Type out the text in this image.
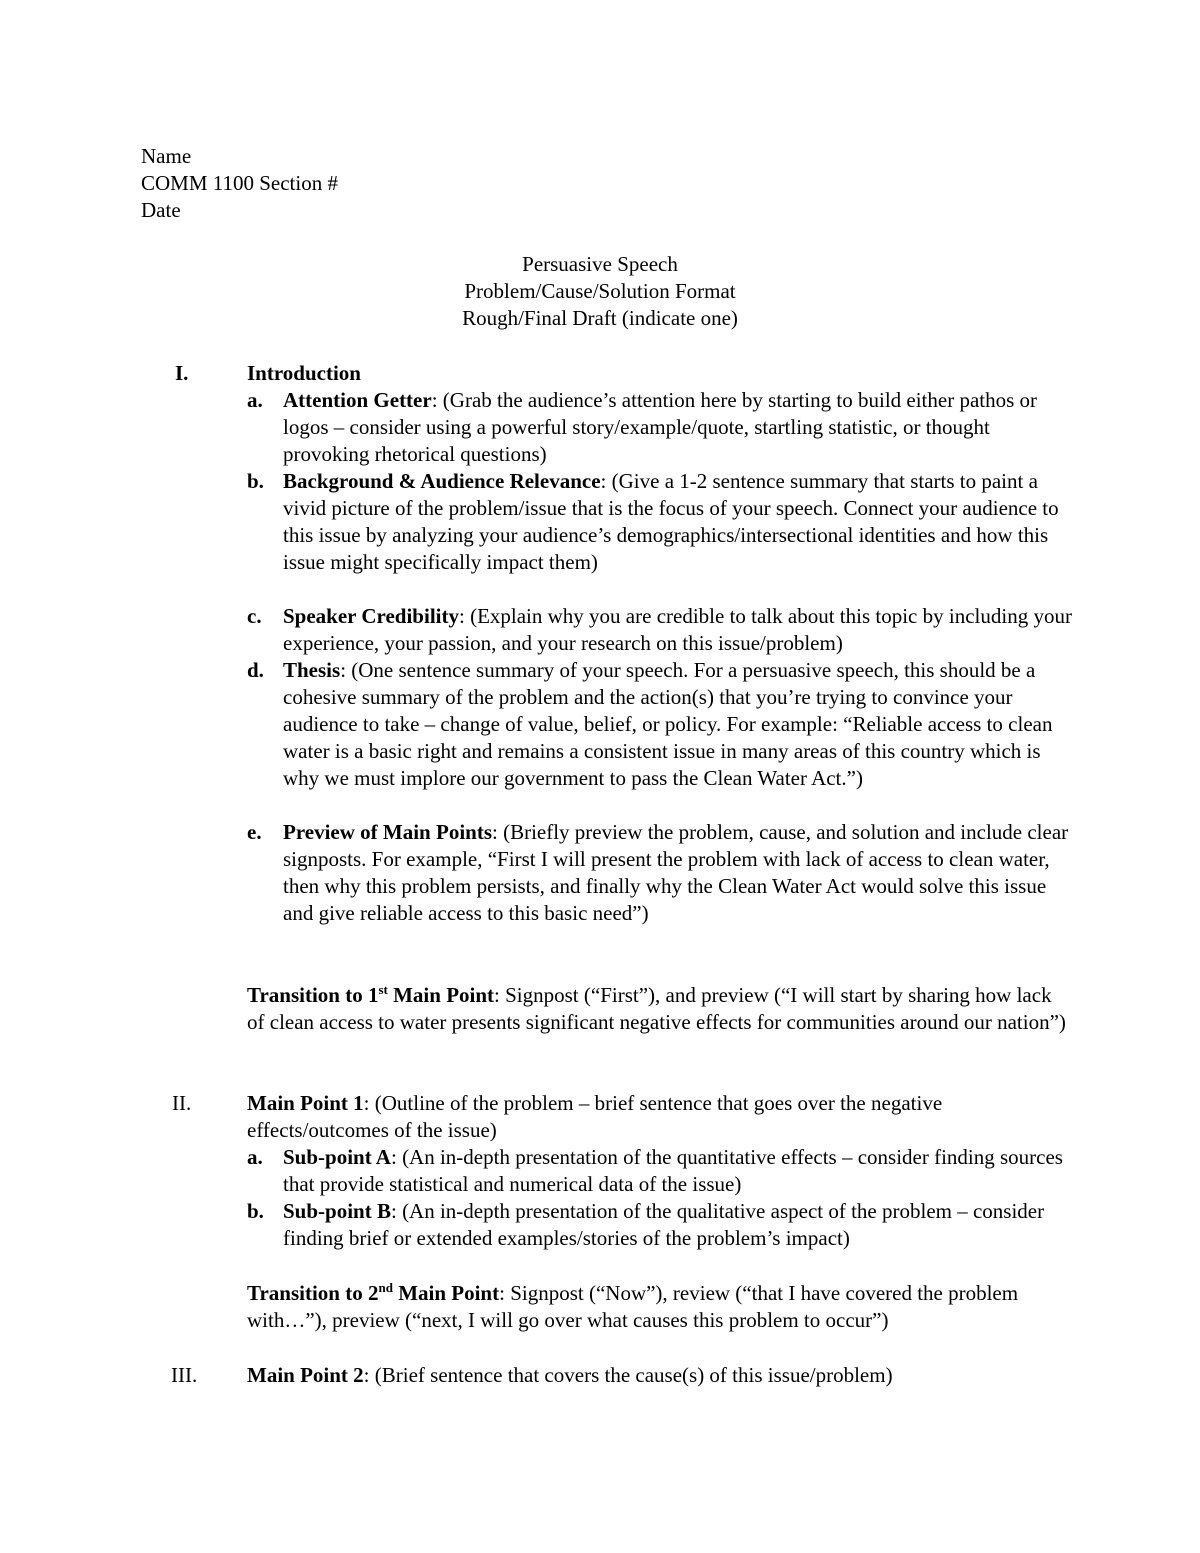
Name
COMM 1100 Section #
Date
Persuasive Speech
Problem/Cause/Solution Format
Rough/Final Draft (indicate one)
I.	Introduction
a. Attention Getter: (Grab the audience’s attention here by starting to build either pathos or logos – consider using a powerful story/example/quote, startling statistic, or thought provoking rhetorical questions)
b. Background & Audience Relevance: (Give a 1-2 sentence summary that starts to paint a vivid picture of the problem/issue that is the focus of your speech. Connect your audience to this issue by analyzing your audience’s demographics/intersectional identities and how this issue might specifically impact them)
c. Speaker Credibility: (Explain why you are credible to talk about this topic by including your experience, your passion, and your research on this issue/problem)
d. Thesis: (One sentence summary of your speech. For a persuasive speech, this should be a cohesive summary of the problem and the action(s) that you’re trying to convince your audience to take – change of value, belief, or policy. For example: “Reliable access to clean water is a basic right and remains a consistent issue in many areas of this country which is why we must implore our government to pass the Clean Water Act.”)
e. Preview of Main Points: (Briefly preview the problem, cause, and solution and include clear signposts. For example, “First I will present the problem with lack of access to clean water, then why this problem persists, and finally why the Clean Water Act would solve this issue and give reliable access to this basic need”)
Transition to 1st Main Point: Signpost (“First”), and preview (“I will start by sharing how lack of clean access to water presents significant negative effects for communities around our nation”)
II.	Main Point 1: (Outline of the problem – brief sentence that goes over the negative effects/outcomes of the issue)
a. Sub-point A: (An in-depth presentation of the quantitative effects – consider finding sources that provide statistical and numerical data of the issue)
b. Sub-point B: (An in-depth presentation of the qualitative aspect of the problem – consider finding brief or extended examples/stories of the problem’s impact)
Transition to 2nd Main Point: Signpost (“Now”), review (“that I have covered the problem with…”), preview (“next, I will go over what causes this problem to occur”)
III. Main Point 2: (Brief sentence that covers the cause(s) of this issue/problem)
